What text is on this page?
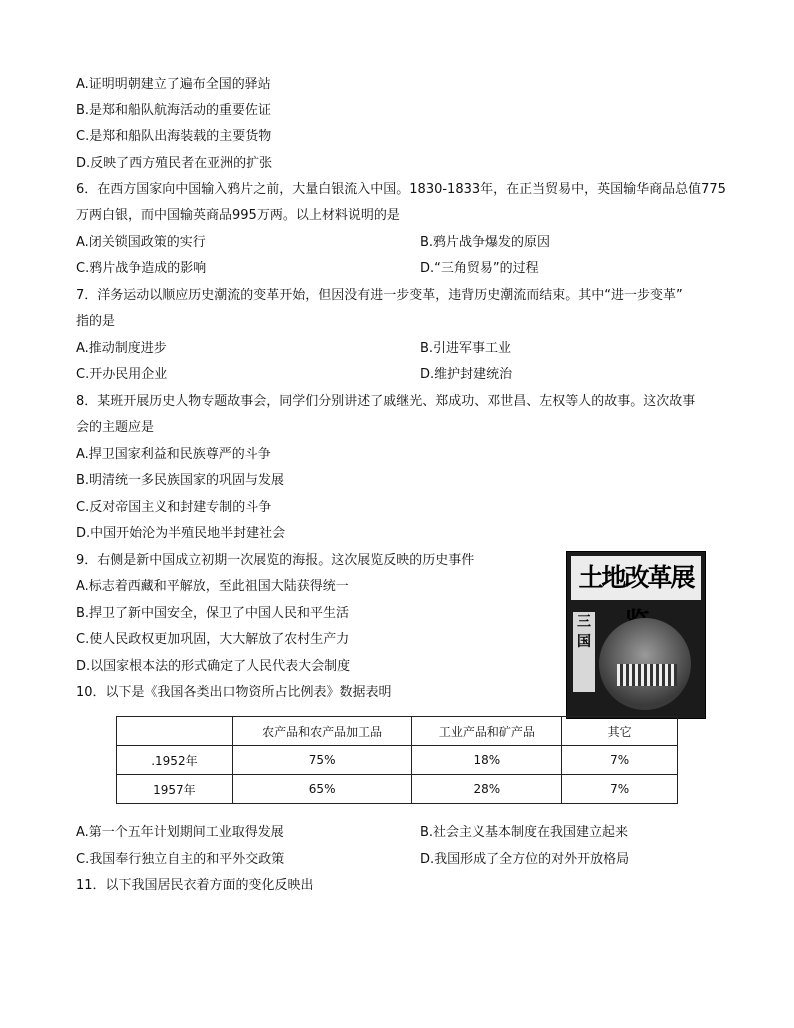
A.证明明朝建立了遍布全国的驿站
B.是郑和船队航海活动的重要佐证
C.是郑和船队出海装载的主要货物
D.反映了西方殖民者在亚洲的扩张
6．在西方国家向中国输入鸦片之前，大量白银流入中国。1830-1833年，在正当贸易中，英国输华商品总值775
万两白银，而中国输英商品995万两。以上材料说明的是
A.闭关锁国政策的实行	B.鸦片战争爆发的原因
C.鸦片战争造成的影响	D.“三角贸易”的过程
7．洋务运动以顺应历史潮流的变革开始，但因没有进一步变革，违背历史潮流而结束。其中“进一步变革”
指的是
A.推动制度进步	B.引进军事工业
C.开办民用企业	D.维护封建统治
8．某班开展历史人物专题故事会，同学们分别讲述了戚继光、郑成功、邓世昌、左权等人的故事。这次故事
会的主题应是
A.捍卫国家利益和民族尊严的斗争
B.明清统一多民族国家的巩固与发展
C.反对帝国主义和封建专制的斗争
D.中国开始沦为半殖民地半封建社会
9．右侧是新中国成立初期一次展览的海报。这次展览反映的历史事件
A.标志着西藏和平解放，至此祖国大陆获得统一
B.捍卫了新中国安全，保卫了中国人民和平生活
C.使人民政权更加巩固，大大解放了农村生产力
D.以国家根本法的形式确定了人民代表大会制度
土地改革展
三国
10．以下是《我国各类出口物资所占比例表》数据表明
	农产品和农产品加工品	工业产品和矿产品	其它
.1952年	75%	18%	7%
1957年	65%	28%	7%
A.第一个五年计划期间工业取得发展	B.社会主义基本制度在我国建立起来
C.我国奉行独立自主的和平外交政策	D.我国形成了全方位的对外开放格局
11．以下我国居民衣着方面的变化反映出
